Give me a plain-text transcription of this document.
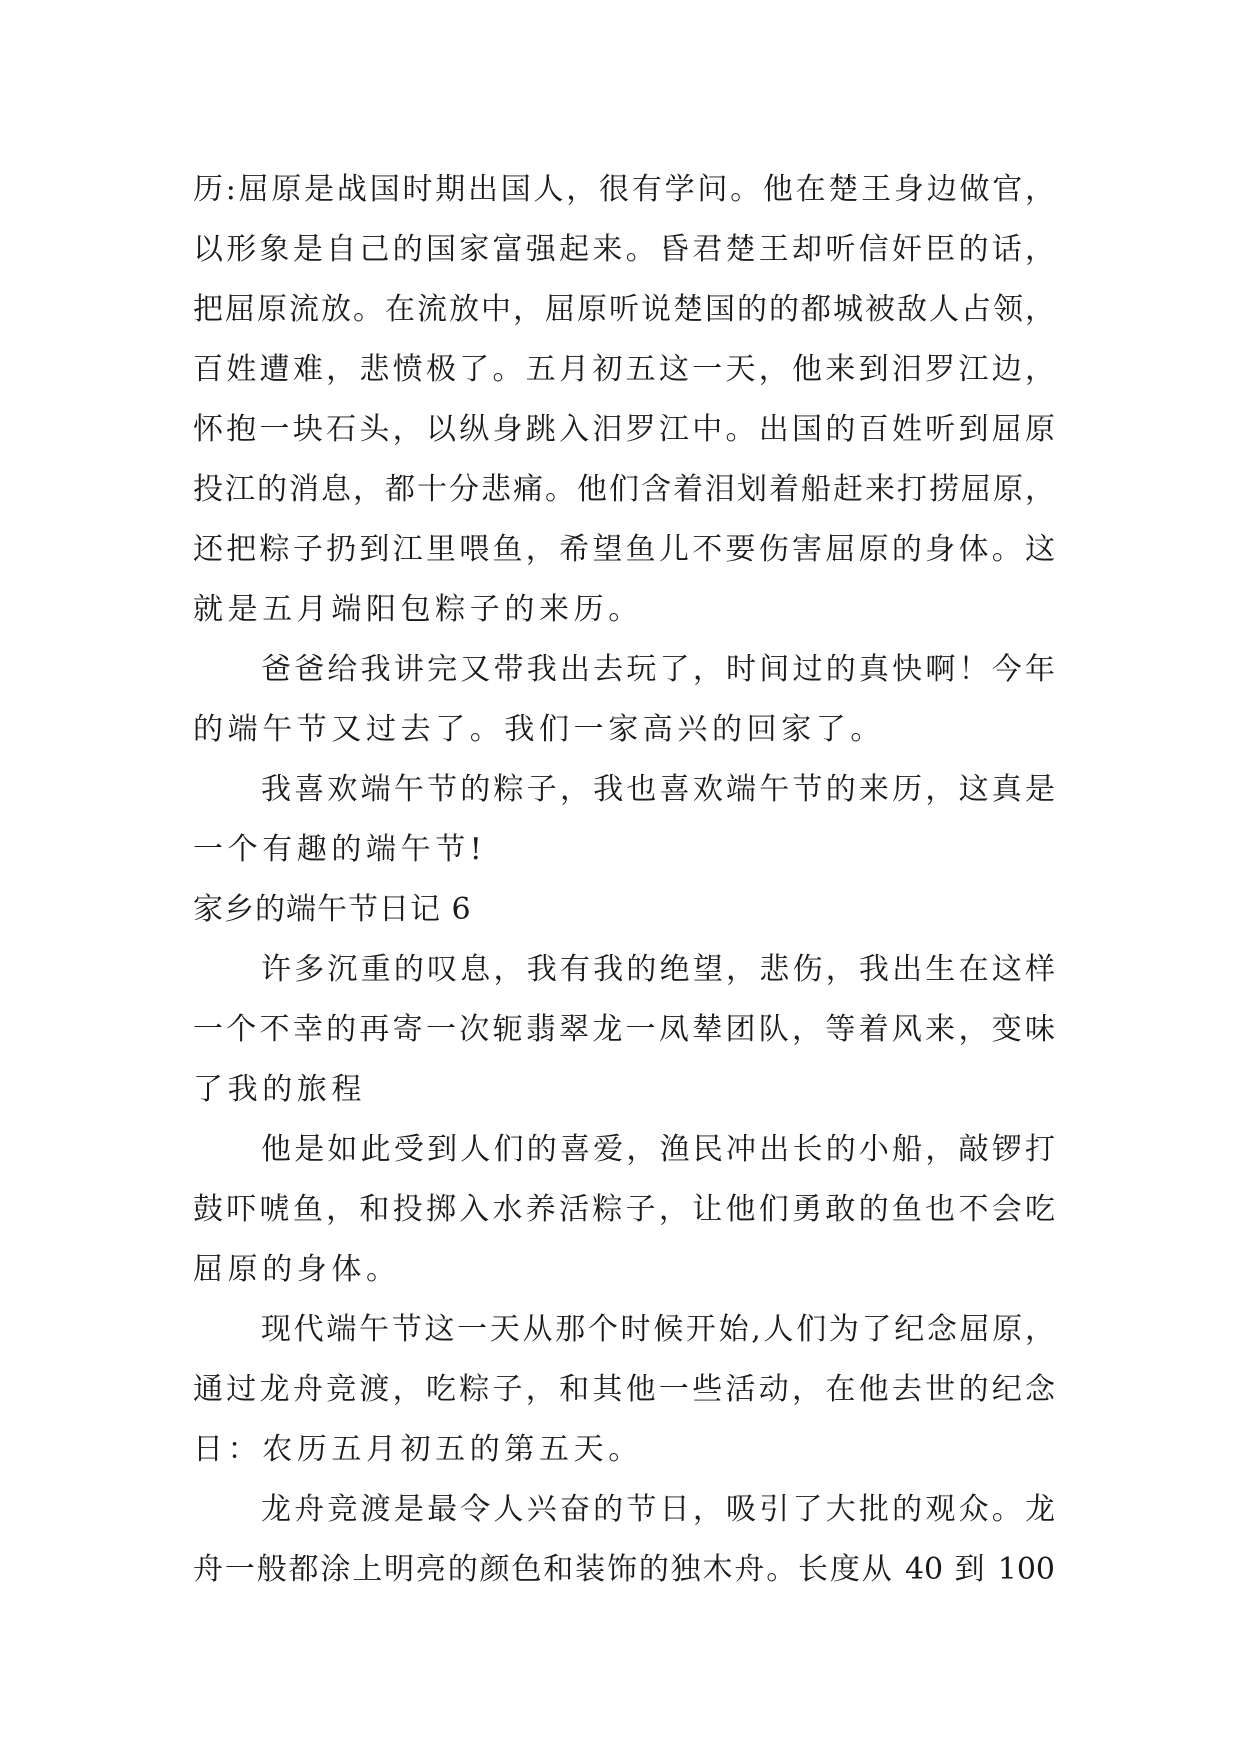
历:屈原是战国时期出国人，很有学问。他在楚王身边做官，
以形象是自己的国家富强起来。昏君楚王却听信奸臣的话，
把屈原流放。在流放中，屈原听说楚国的的都城被敌人占领，
百姓遭难，悲愤极了。五月初五这一天，他来到汨罗江边，
怀抱一块石头，以纵身跳入汨罗江中。出国的百姓听到屈原
投江的消息，都十分悲痛。他们含着泪划着船赶来打捞屈原，
还把粽子扔到江里喂鱼，希望鱼儿不要伤害屈原的身体。这
就是五月端阳包粽子的来历。
爸爸给我讲完又带我出去玩了，时间过的真快啊！今年
的端午节又过去了。我们一家高兴的回家了。
我喜欢端午节的粽子，我也喜欢端午节的来历，这真是
一个有趣的端午节!
家乡的端午节日记 6
许多沉重的叹息，我有我的绝望，悲伤，我出生在这样
一个不幸的再寄一次轭翡翠龙一凤辇团队，等着风来，变味
了我的旅程
他是如此受到人们的喜爱，渔民冲出长的小船，敲锣打
鼓吓唬鱼，和投掷入水养活粽子，让他们勇敢的鱼也不会吃
屈原的身体。
现代端午节这一天从那个时候开始,人们为了纪念屈原，
通过龙舟竞渡，吃粽子，和其他一些活动，在他去世的纪念
日：农历五月初五的第五天。
龙舟竞渡是最令人兴奋的节日，吸引了大批的观众。龙
舟一般都涂上明亮的颜色和装饰的独木舟。长度从 40 到 100
